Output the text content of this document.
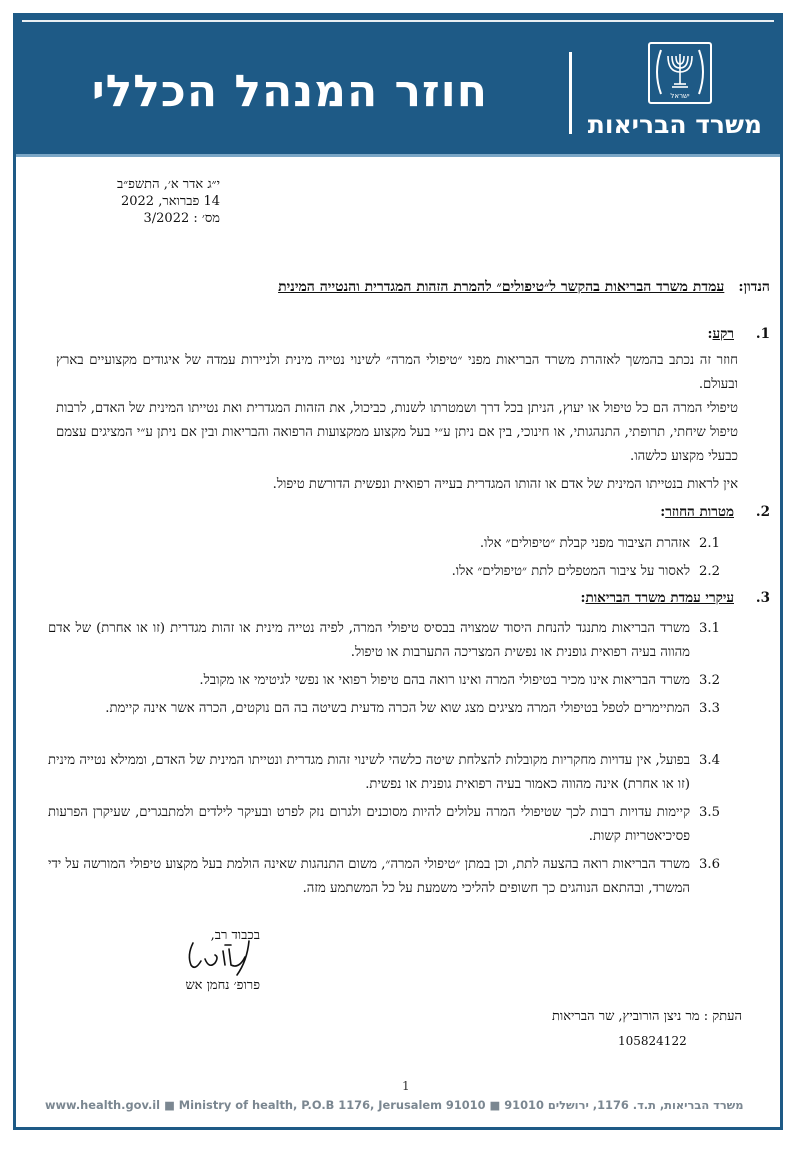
חוזר המנהל הכללי	ישראל
משרד הבריאות
י״ג אדר א׳, התשפ״ב
14 פברואר, 2022
מס׳ : 3/2022
הנדון:עמדת משרד הבריאות בהקשר ל״טיפולים״ להמרת הזהות המגדרית והנטייה המינית
1.רקע:
חוזר זה נכתב בהמשך לאזהרת משרד הבריאות מפני ״טיפולי המרה״ לשינוי נטייה מינית ולניירות עמדה של איגודים מקצועיים בארץ ובעולם.
טיפולי המרה הם כל טיפול או יעוץ, הניתן בכל דרך ושמטרתו לשנות, כביכול, את הזהות המגדרית ואת נטייתו המינית של האדם, לרבות טיפול שיחתי, תרופתי, התנהגותי, או חינוכי, בין אם ניתן ע״י בעל מקצוע ממקצועות הרפואה והבריאות ובין אם ניתן ע״י המציגים עצמם כבעלי מקצוע כלשהו.
אין לראות בנטייתו המינית של אדם או זהותו המגדרית בעייה רפואית ונפשית הדורשת טיפול.
2.מטרות החוזר:
2.1
אזהרת הציבור מפני קבלת ״טיפולים״ אלו.
2.2
לאסור על ציבור המטפלים לתת ״טיפולים״ אלו.
3.עיקרי עמדת משרד הבריאות:
3.1
משרד הבריאות מתנגד להנחת היסוד שמצויה בבסיס טיפולי המרה, לפיה נטייה מינית או זהות מגדרית (זו או אחרת) של אדם מהווה בעיה רפואית גופנית או נפשית המצריכה התערבות או טיפול.
3.2
משרד הבריאות אינו מכיר בטיפולי המרה ואינו רואה בהם טיפול רפואי או נפשי לגיטימי או מקובל.
3.3
המתיימרים לטפל בטיפולי המרה מציגים מצג שוא של הכרה מדעית בשיטה בה הם נוקטים, הכרה אשר אינה קיימת.
3.4
בפועל, אין עדויות מחקריות מקובלות להצלחת שיטה כלשהי לשינוי זהות מגדרית ונטייתו המינית של האדם, וממילא נטייה מינית (זו או אחרת) אינה מהווה כאמור בעיה רפואית גופנית או נפשית.
3.5
קיימות עדויות רבות לכך שטיפולי המרה עלולים להיות מסוכנים ולגרום נזק לפרט ובעיקר לילדים ולמתבגרים, שעיקרן הפרעות פסיכיאטריות קשות.
3.6
משרד הבריאות רואה בהצעה לתת, וכן במתן ״טיפולי המרה״, משום התנהגות שאינה הולמת בעל מקצוע טיפולי המורשה על ידי המשרד, ובהתאם הנוהגים כך חשופים להליכי משמעת על כל המשתמע מזה.
בכבוד רב,
פרופ׳ נחמן אש
העתק : מר ניצן הורוביץ, שר הבריאות
105824122
1
www.health.gov.il ■ Ministry of health, P.O.B 1176, Jerusalem 91010 ■ משרד הבריאות, ת.ד. 1176, ירושלים 91010
